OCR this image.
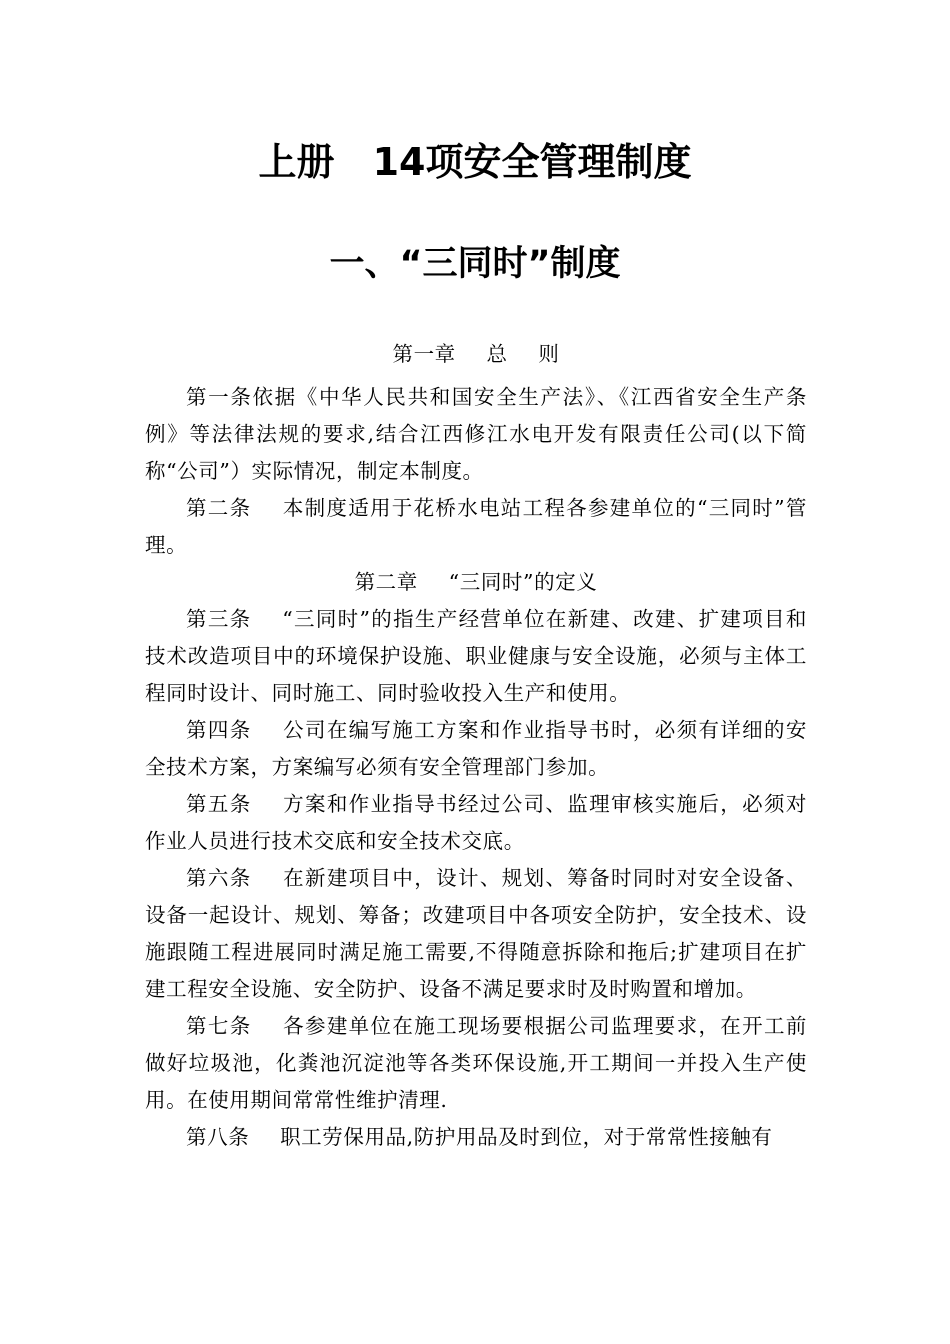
上册 14项安全管理制度
一、“三同时”制度

第一章 总 则

第一条依据《中华人民共和国安全生产法》、《江西省安全生产条例》等法律法规的要求,结合江西修江水电开发有限责任公司(以下简称“公司”）实际情况，制定本制度。

第二条 本制度适用于花桥水电站工程各参建单位的“三同时”管理。

第二章 “三同时”的定义

第三条 “三同时”的指生产经营单位在新建、改建、扩建项目和技术改造项目中的环境保护设施、职业健康与安全设施，必须与主体工程同时设计、同时施工、同时验收投入生产和使用。

第四条 公司在编写施工方案和作业指导书时，必须有详细的安全技术方案，方案编写必须有安全管理部门参加。

第五条 方案和作业指导书经过公司、监理审核实施后，必须对作业人员进行技术交底和安全技术交底。

第六条 在新建项目中，设计、规划、筹备时同时对安全设备、设备一起设计、规划、筹备；改建项目中各项安全防护，安全技术、设施跟随工程进展同时满足施工需要,不得随意拆除和拖后;扩建项目在扩建工程安全设施、安全防护、设备不满足要求时及时购置和增加。

第七条 各参建单位在施工现场要根据公司监理要求，在开工前做好垃圾池，化粪池沉淀池等各类环保设施,开工期间一并投入生产使用。在使用期间常常性维护清理.

第八条 职工劳保用品,防护用品及时到位，对于常常性接触有
